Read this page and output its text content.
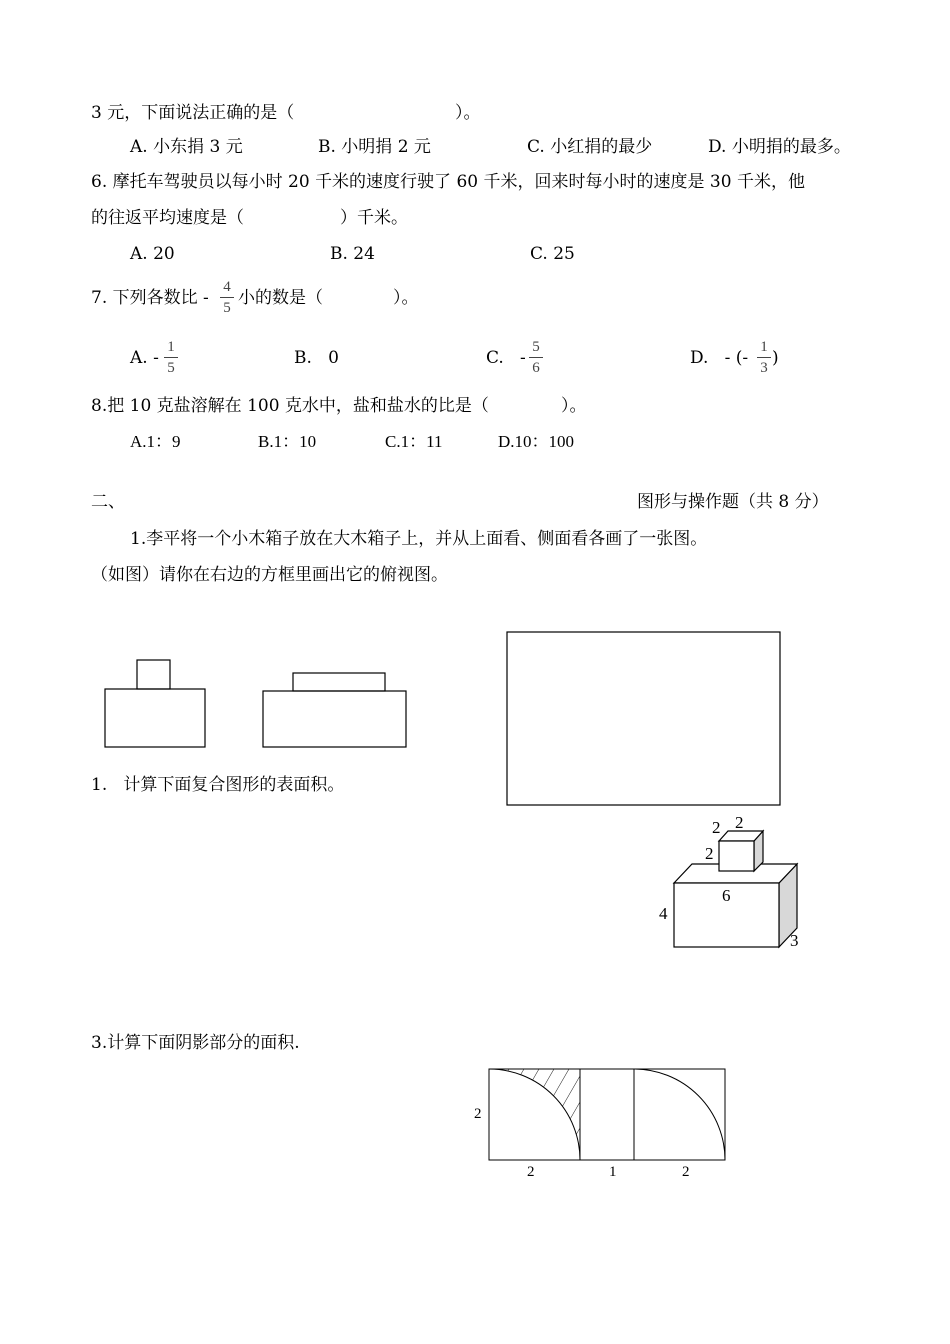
3 元，下面说法正确的是（	）。
A. 小东捐 3 元	B. 小明捐 2 元	C. 小红捐的最少	D. 小明捐的最多。
6. 摩托车驾驶员以每小时 20 千米的速度行驶了 60 千米，回来时每小时的速度是 30 千米，他
的往返平均速度是（	）千米。
A. 20	B. 24	C. 25
7. 下列各数比 -
4
5 小的数是（	）。
A. -
1
5	B.   0	C.   -
5
6	D.   - (-
1
3 )
8.把 10 克盐溶解在 100 克水中，盐和盐水的比是（	）。
A.1：9	B.1：10	C.1：11	D.10：100
二、	图形与操作题（共 8 分）
1.李平将一个小木箱子放在大木箱子上，并从上面看、侧面看各画了一张图。
（如图）请你在右边的方框里画出它的俯视图。
1.   计算下面复合图形的表面积。
2
2
2
6
4
3
3.计算下面阴影部分的面积.
2
2	1	2
